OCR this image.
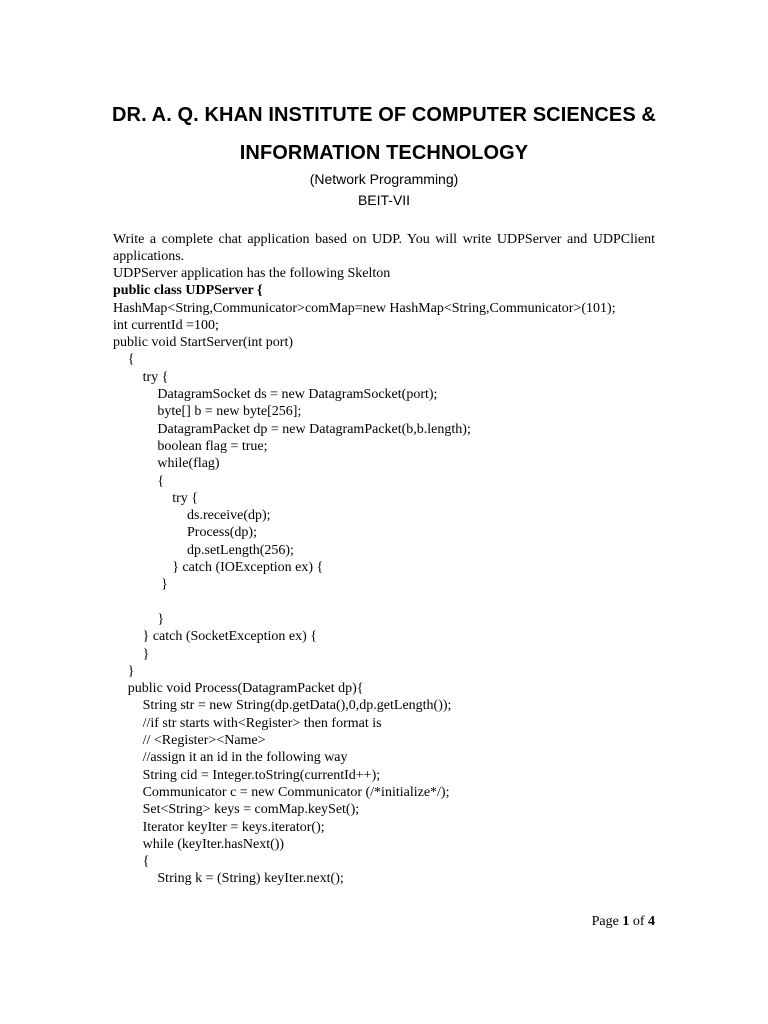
DR. A. Q. KHAN INSTITUTE OF COMPUTER SCIENCES &
INFORMATION TECHNOLOGY
(Network Programming)
BEIT-VII
Write a complete chat application based on UDP. You will write UDPServer and UDPClient applications.
UDPServer application has the following Skelton
public class UDPServer {
HashMap<String,Communicator>comMap=new HashMap<String,Communicator>(101);
int currentId =100;
public void StartServer(int port)
{
try {
DatagramSocket ds = new DatagramSocket(port);
byte[] b = new byte[256];
DatagramPacket dp = new DatagramPacket(b,b.length);
boolean flag = true;
while(flag)
{
try {
ds.receive(dp);
Process(dp);
dp.setLength(256);
} catch (IOException ex) {
}
}
} catch (SocketException ex) {
}
}
public void Process(DatagramPacket dp){
String str = new String(dp.getData(),0,dp.getLength());
//if str starts with<Register> then format is
// <Register><Name>
//assign it an id in the following way
String cid = Integer.toString(currentId++);
Communicator c = new Communicator (/*initialize*/);
Set<String> keys = comMap.keySet();
Iterator keyIter = keys.iterator();
while (keyIter.hasNext())
{
String k = (String) keyIter.next();
Page 1 of 4
